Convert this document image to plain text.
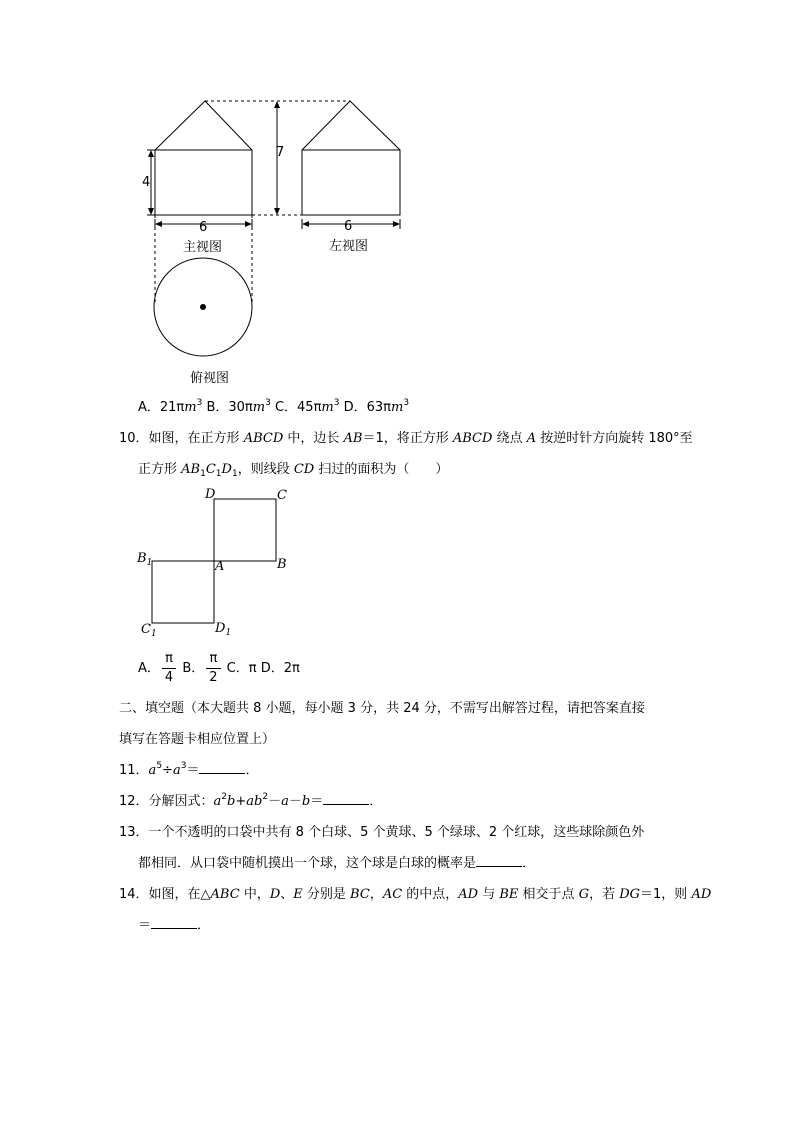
4
7
6	6
主视图	左视图
俯视图
A．$21\pi m^3$ B．$30\pi m^3$ C．$45\pi m^3$ D．$63\pi m^3$
10．如图，在正方形 ABCD 中，边长 AB＝1，将正方形 ABCD 绕点 A 按逆时针方向旋转 180°至
正方形 $AB_1C_1D_1$，则线段 CD 扫过的面积为（　　）
D	C
B
A
$B_1$
$C_1$	$D_1$
A． $\frac{\pi}{4}$ B． $\frac{\pi}{2}$ C．π D．2π
二、填空题（本大题共 8 小题，每小题 3 分，共 24 分，不需写出解答过程，请把答案直接
填写在答题卡相应位置上）
11．$a^5\div a^3=$	．
12．分解因式：$a^2b+ab^2-a-b=$	．
13．一个不透明的口袋中共有 8 个白球、5 个黄球、5 个绿球、2 个红球，这些球除颜色外
都相同．从口袋中随机摸出一个球，这个球是白球的概率是	．
14．如图，在△ABC 中，D、E 分别是 BC，AC 的中点，AD 与 BE 相交于点 G，若 DG＝1，则 AD
＝	．
